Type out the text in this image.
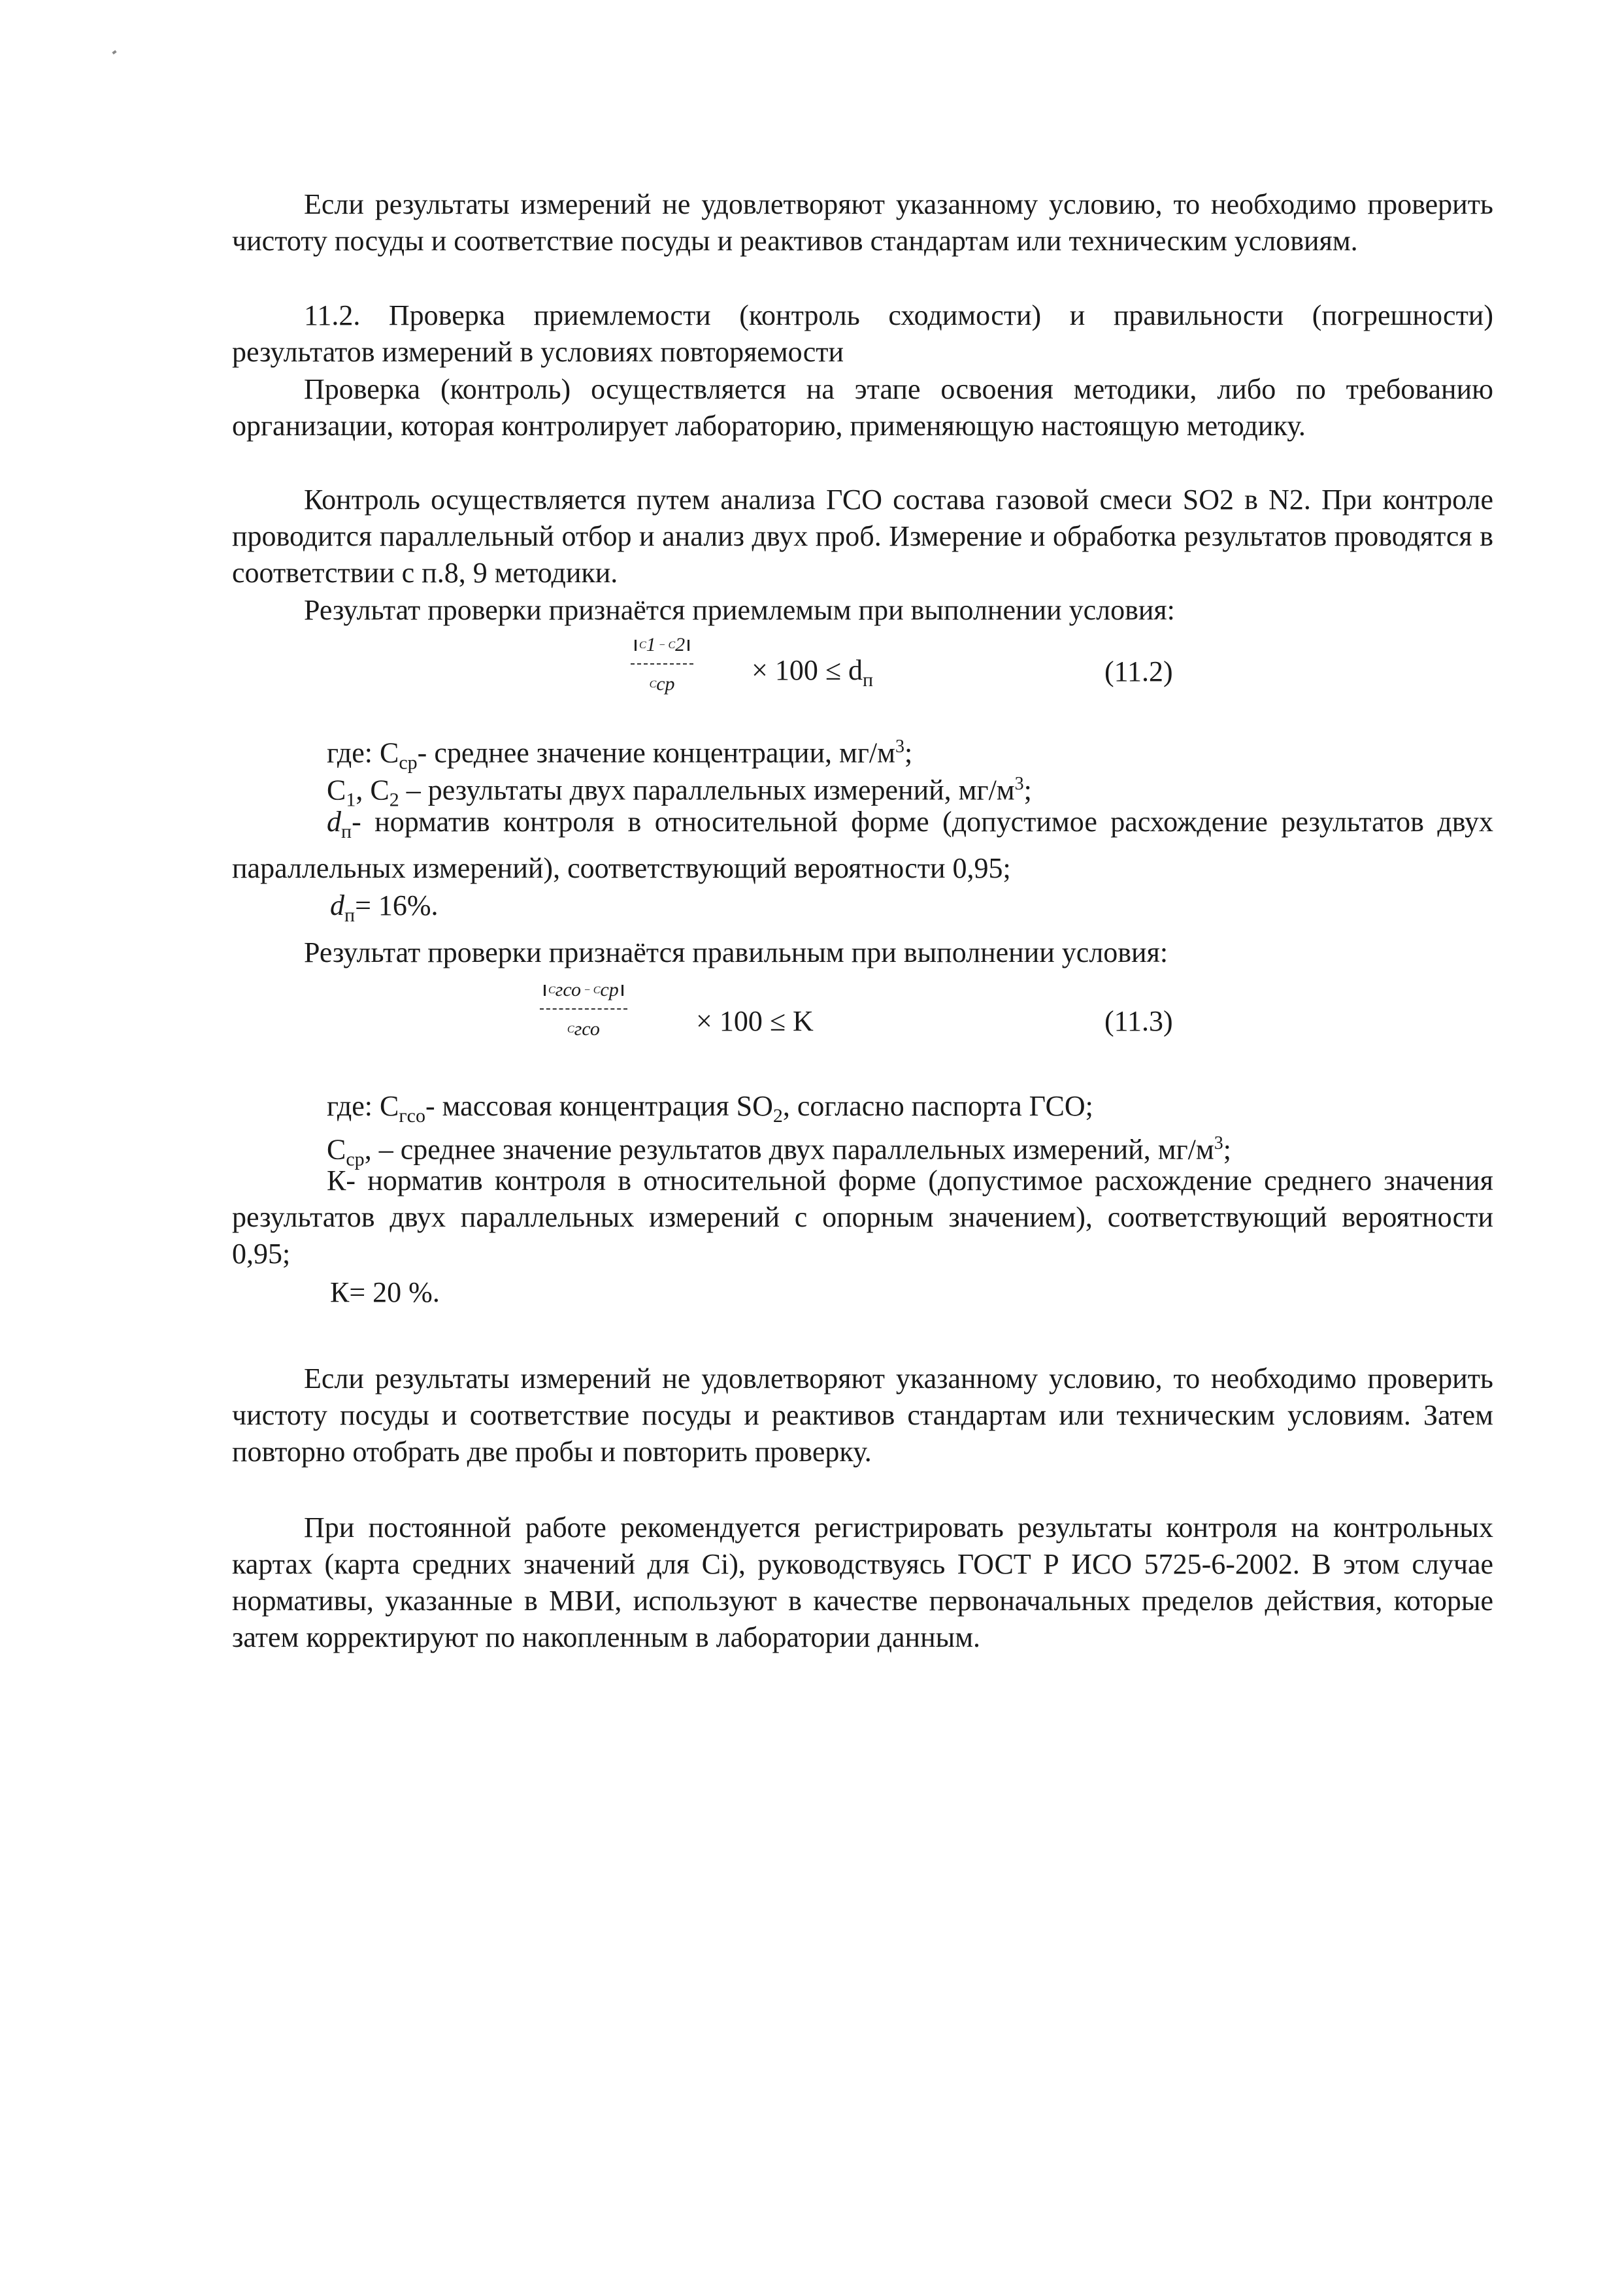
Если результаты измерений не удовлетворяют указанному условию, то необходимо проверить чистоту посуды и соответствие посуды и реактивов стандартам или техническим условиям.

11.2. Проверка приемлемости (контроль сходимости) и правильности (погрешности) результатов измерений в условиях повторяемости

Проверка (контроль) осуществляется на этапе освоения методики, либо по требованию организации, которая контролирует лабораторию, применяющую настоящую методику.

Контроль осуществляется путем анализа ГСО состава газовой смеси SO2 в N2. При контроле проводится параллельный отбор и анализ двух проб. Измерение и обработка результатов проводятся в соответствии с п.8, 9 методики.

Результат проверки признаётся приемлемым при выполнении условия:

$C_1 - C_2$
$C_{ср}$	× $100 \le d_п$	(11.2)
где: $C_{ср}-$ среднее значение концентрации, $мг/м^3$;
$C_1$, $C_2$ – результаты двух параллельных измерений, $мг/м^3$;

$d_п-$ норматив контроля в относительной форме (допустимое расхождение результатов двух параллельных измерений), соответствующий вероятности 0,95;

$d_п= 16\%$.

Результат проверки признаётся правильным при выполнении условия:

$C_{гсо} - C_{ср}$
$C_{гсо}$	× 100 ≤ K	(11.3)
где: $C_{гсо}-$ массовая концентрация $SO_2$, согласно паспорта ГСО;
$C_{ср}$, – среднее значение результатов двух параллельных измерений, $мг/м^3$;

К- норматив контроля в относительной форме (допустимое расхождение среднего значения результатов двух параллельных измерений с опорным значением), соответствующий вероятности 0,95;

К= 20 %.

Если результаты измерений не удовлетворяют указанному условию, то необходимо проверить чистоту посуды и соответствие посуды и реактивов стандартам или техническим условиям. Затем повторно отобрать две пробы и повторить проверку.

При постоянной работе рекомендуется регистрировать результаты контроля на контрольных картах (карта средних значений для Ci), руководствуясь ГОСТ Р ИСО 5725-6-2002. В этом случае нормативы, указанные в МВИ, используют в качестве первоначальных пределов действия, которые затем корректируют по накопленным в лаборатории данным.
